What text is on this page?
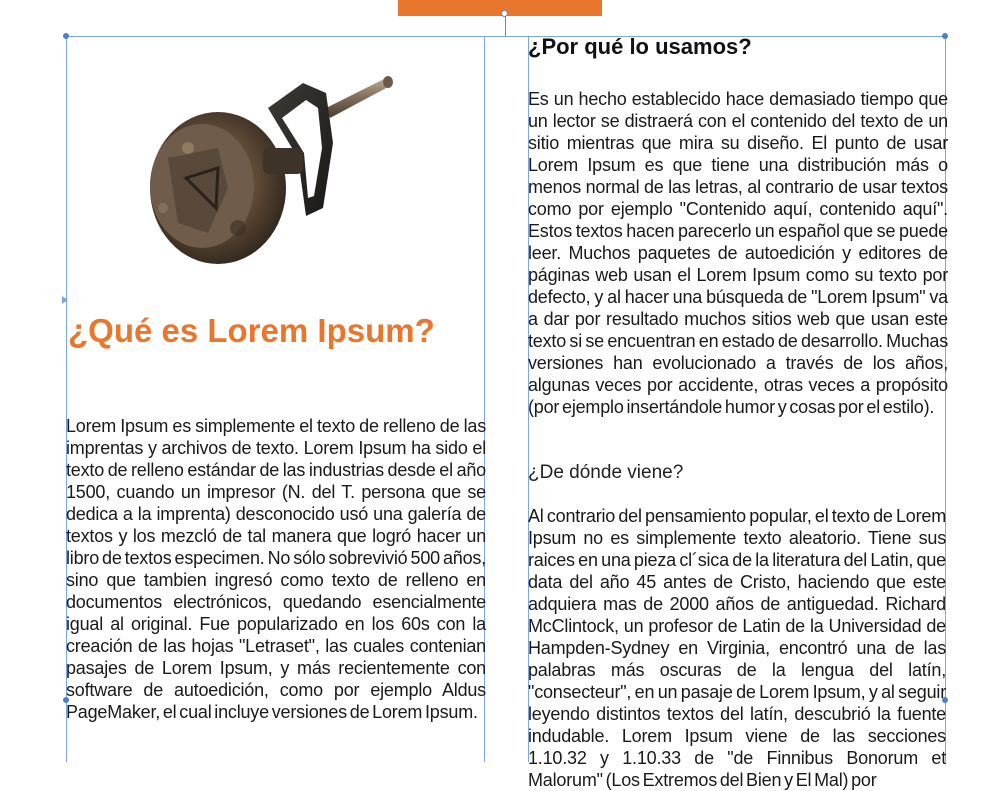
¿Qué es Lorem Ipsum?
Lorem Ipsum es simplemente el texto de relleno de las imprentas y archivos de texto. Lorem Ipsum ha sido el texto de relleno estándar de las industrias desde el año 1500, cuando un impresor (N. del T. persona que se dedica a la imprenta) desconocido usó una galería de textos y los mezcló de tal manera que logró hacer un libro de textos especimen. No sólo sobrevivió 500 años, sino que tambien ingresó como texto de relleno en documentos electrónicos, quedando esencialmente igual al original. Fue popularizado en los 60s con la creación de las hojas "Letraset", las cuales contenian pasajes de Lorem Ipsum, y más recientemente con software de autoedición, como por ejemplo Aldus PageMaker, el cual incluye versiones de Lorem Ipsum.
¿Por qué lo usamos?
Es un hecho establecido hace demasiado tiempo que un lector se distraerá con el contenido del texto de un sitio mientras que mira su diseño. El punto de usar Lorem Ipsum es que tiene una distribución más o menos normal de las letras, al contrario de usar textos como por ejemplo "Contenido aquí, contenido aquí". Estos textos hacen parecerlo un español que se puede leer. Muchos paquetes de autoedición y editores de páginas web usan el Lorem Ipsum como su texto por defecto, y al hacer una búsqueda de "Lorem Ipsum" va a dar por resultado muchos sitios web que usan este texto si se encuentran en estado de desarrollo. Muchas versiones han evolucionado a través de los años, algunas veces por accidente, otras veces a propósito (por ejemplo insertándole humor y cosas por el estilo).
¿De dónde viene?
Al contrario del pensamiento popular, el texto de Lorem Ipsum no es simplemente texto aleatorio. Tiene sus raices en una pieza cl´sica de la literatura del Latin, que data del año 45 antes de Cristo, haciendo que este adquiera mas de 2000 años de antiguedad. Richard McClintock, un profesor de Latin de la Universidad de Hampden-Sydney en Virginia, encontró una de las palabras más oscuras de la lengua del latín, "consecteur", en un pasaje de Lorem Ipsum, y al seguir leyendo distintos textos del latín, descubrió la fuente indudable. Lorem Ipsum viene de las secciones 1.10.32 y 1.10.33 de "de Finnibus Bonorum et Malorum" (Los Extremos del Bien y El Mal) por
